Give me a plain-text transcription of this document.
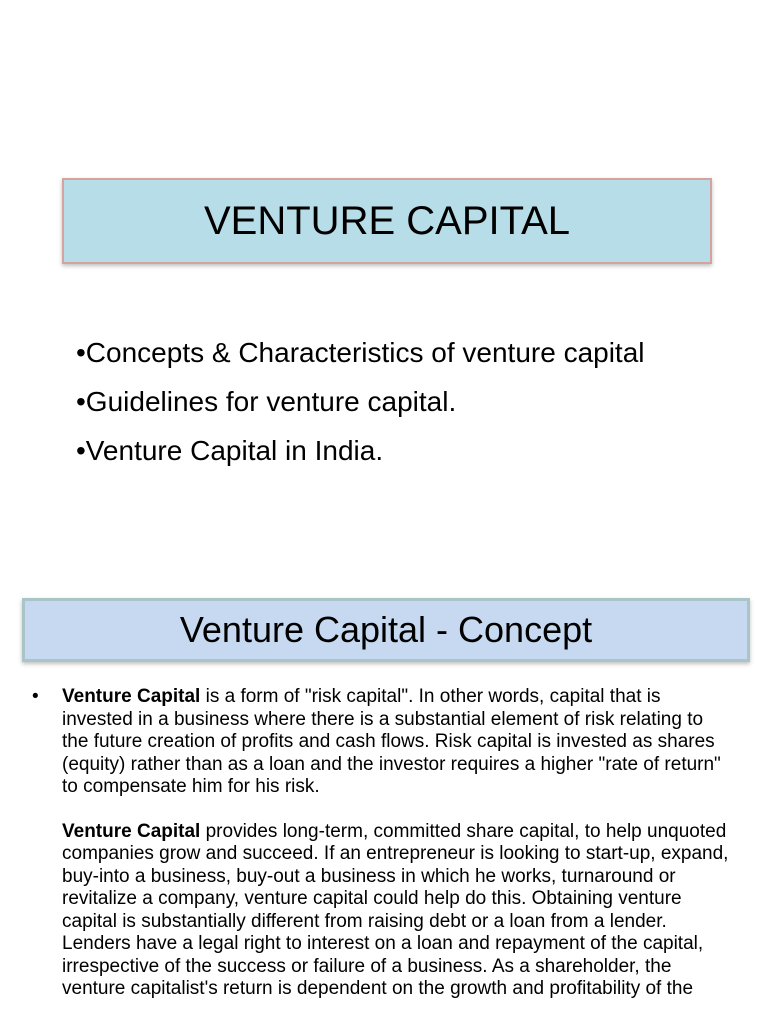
VENTURE CAPITAL
•Concepts & Characteristics of venture capital
•Guidelines for venture capital.
•Venture Capital in India.
Venture Capital - Concept
• Venture Capital is a form of "risk capital". In other words, capital that is invested in a business where there is a substantial element of risk relating to the future creation of profits and cash flows. Risk capital is invested as shares (equity) rather than as a loan and the investor requires a higher "rate of return" to compensate him for his risk.

Venture Capital provides long-term, committed share capital, to help unquoted companies grow and succeed. If an entrepreneur is looking to start-up, expand, buy-into a business, buy-out a business in which he works, turnaround or revitalize a company, venture capital could help do this. Obtaining venture capital is substantially different from raising debt or a loan from a lender. Lenders have a legal right to interest on a loan and repayment of the capital, irrespective of the success or failure of a business. As a shareholder, the venture capitalist's return is dependent on the growth and profitability of the
